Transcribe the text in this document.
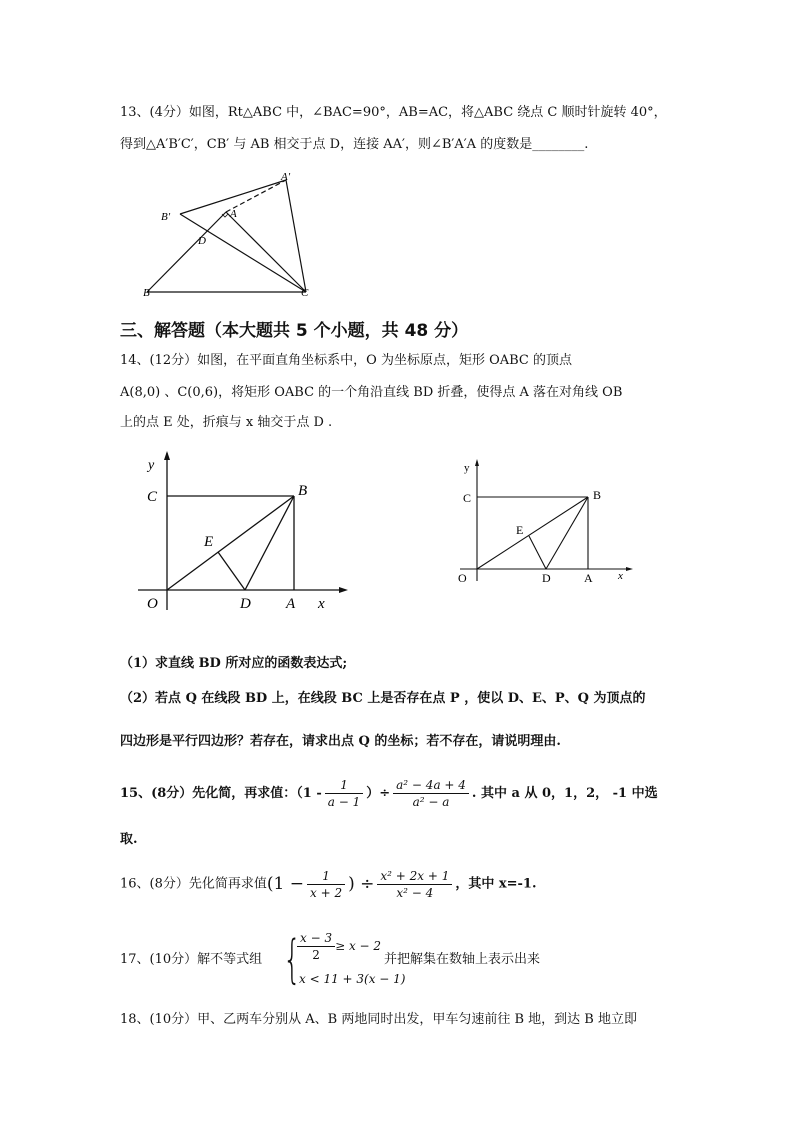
13、(4分）如图，Rt△ABC 中，∠BAC=90°，AB=AC，将△ABC 绕点 C 顺时针旋转 40°，
得到△A′B′C′，CB′ 与 AB 相交于点 D，连接 AA′，则∠B′A′A 的度数是________.
A′
B′	A
D
B	C
三、解答题（本大题共 5 个小题，共 48 分）
14、(12分）如图，在平面直角坐标系中，O 为坐标原点，矩形 OABC 的顶点
A(8,0) 、C(0,6)，将矩形 OABC 的一个角沿直线 BD 折叠，使得点 A 落在对角线 OB
上的点 E 处，折痕与 x 轴交于点 D .
y
C	B
E
O	D A x
y
C	B
E
O	D	A x
（1）求直线 BD 所对应的函数表达式;
（2）若点 Q 在线段 BD 上，在线段 BC 上是否存在点 P ，使以 D、E、P、Q 为顶点的
四边形是平行四边形？若存在，请求出点 Q 的坐标；若不存在，请说明理由.
15、(8分）先化简，再求值：（$1 - \frac{1}{a - 1}$ ）÷ $\frac{\text{a² − 4a + 4}}{\text{a² − a}}$ . 其中 a 从 0，1，2， -1 中选
取.
16、(8分）先化简再求值($1 - \frac{1}{x + 2}$ ) ÷ $\frac{\text{x² + 2x + 1}}{\text{x² − 4}}$ ，其中 x=-1.
17、(10分）解不等式组 {
$\frac{x - 3}{2} \ge x - 2$
x < 11 + 3(x − 1)
并把解集在数轴上表示出来
18、(10分）甲、乙两车分别从 A、B 两地同时出发，甲车匀速前往 B 地，到达 B 地立即
